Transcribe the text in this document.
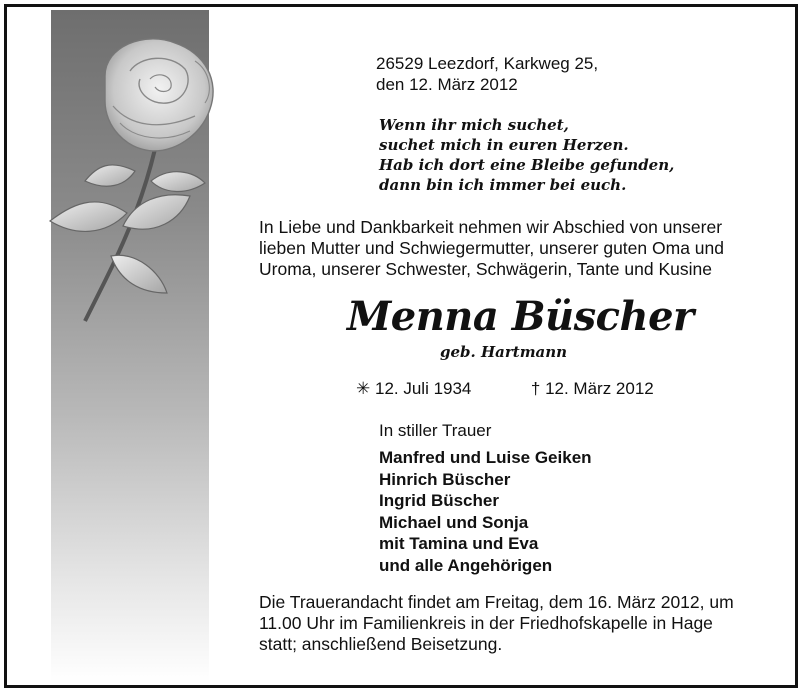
26529 Leezdorf, Karkweg 25,
den 12. März 2012
Wenn ihr mich suchet,
suchet mich in euren Herzen.
Hab ich dort eine Bleibe gefunden,
dann bin ich immer bei euch.
In Liebe und Dankbarkeit nehmen wir Abschied von unserer
lieben Mutter und Schwiegermutter, unserer guten Oma und
Uroma, unserer Schwester, Schwägerin, Tante und Kusine
Menna Büscher
geb. Hartmann
✳ 12. Juli 1934	† 12. März 2012
In stiller Trauer
Manfred und Luise Geiken
Hinrich Büscher
Ingrid Büscher
Michael und Sonja
mit Tamina und Eva
und alle Angehörigen
Die Trauerandacht findet am Freitag, dem 16. März 2012, um
11.00 Uhr im Familienkreis in der Friedhofskapelle in Hage
statt; anschließend Beisetzung.
